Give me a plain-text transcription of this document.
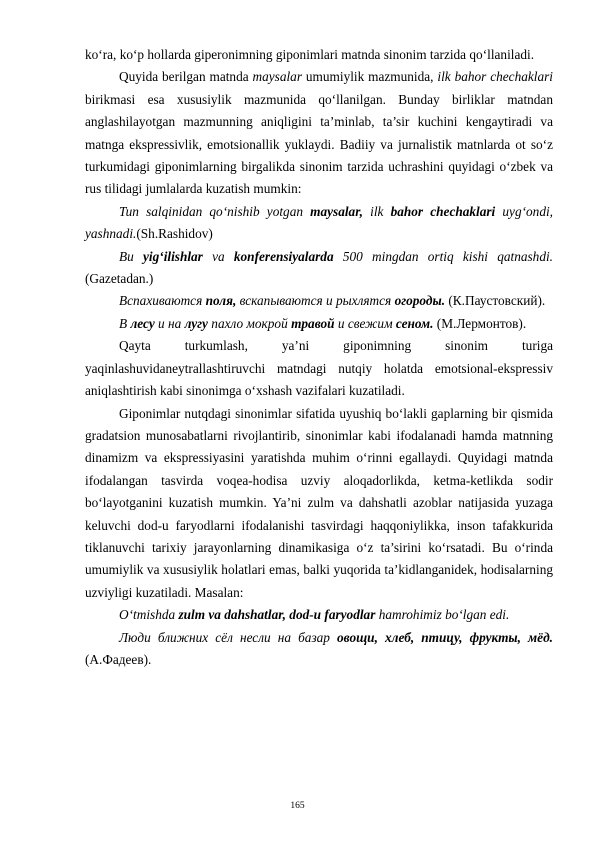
ko‘ra, ko‘p hollarda giperonimning giponimlari matnda sinonim tarzida qo‘llaniladi.

Quyida berilgan matnda maysalar umumiylik mazmunida, ilk bahor chechaklari birikmasi esa xususiylik mazmunida qo‘llanilgan. Bunday birliklar matndan anglashilayotgan mazmunning aniqligini ta’minlab, ta’sir kuchini kengaytiradi va matnga ekspressivlik, emotsionallik yuklaydi. Badiiy va jurnalistik matnlarda ot so‘z turkumidagi giponimlarning birgalikda sinonim tarzida uchrashini quyidagi o‘zbek va rus tilidagi jumlalarda kuzatish mumkin:

Tun salqinidan qo‘nishib yotgan maysalar, ilk bahor chechaklari uyg‘ondi, yashnadi.(Sh.Rashidov)

Bu yig‘ilishlar va konferensiyalarda 500 mingdan ortiq kishi qatnashdi. (Gazetadan.)

Вспахиваются поля, вскапываются и рыхлятся огороды. (К.Паустовский).

В лесу и на лугу пахло мокрой травой и свежим сеном. (М.Лермонтов).

Qayta turkumlash, ya’ni giponimning sinonim turiga yaqinlashuvidaneytrallashtiruvchi matndagi nutqiy holatda emotsional-ekspressiv aniqlashtirish kabi sinonimga o‘xshash vazifalari kuzatiladi.

Giponimlar nutqdagi sinonimlar sifatida uyushiq bo‘lakli gaplarning bir qismida gradatsion munosabatlarni rivojlantirib, sinonimlar kabi ifodalanadi hamda matnning dinamizm va ekspressiyasini yaratishda muhim o‘rinni egallaydi. Quyidagi matnda ifodalangan tasvirda voqea-hodisa uzviy aloqadorlikda, ketma-ketlikda sodir bo‘layotganini kuzatish mumkin. Ya’ni zulm va dahshatli azoblar natijasida yuzaga keluvchi dod-u faryodlarni ifodalanishi tasvirdagi haqqoniylikka, inson tafakkurida tiklanuvchi tarixiy jarayonlarning dinamikasiga o‘z ta’sirini ko‘rsatadi. Bu o‘rinda umumiylik va xususiylik holatlari emas, balki yuqorida ta’kidlanganidek, hodisalarning uzviyligi kuzatiladi. Masalan:

O‘tmishda zulm va dahshatlar, dod-u faryodlar hamrohimiz bo‘lgan edi.

Люди ближних сёл несли на базар овощи, хлеб, птицу, фрукты, мёд. (А.Фадеев).

165
